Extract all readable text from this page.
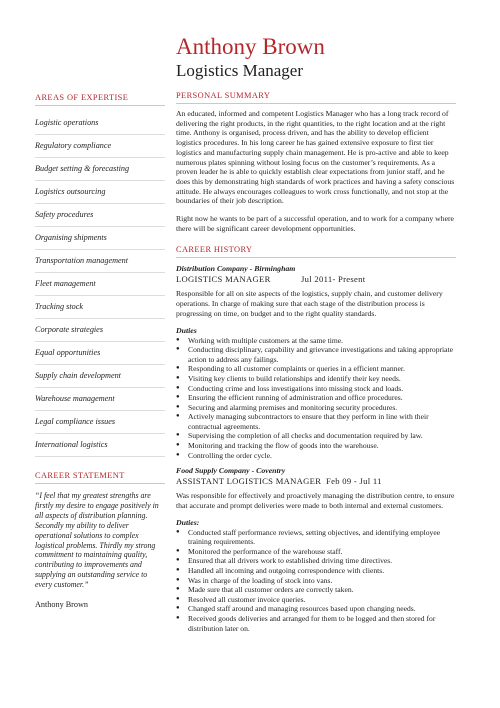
Anthony Brown
Logistics Manager
AREAS OF EXPERTISE
Logistic operations
Regulatory compliance
Budget setting & forecasting
Logistics outsourcing
Safety procedures
Organising shipments
Transportation management
Fleet management
Tracking stock
Corporate strategies
Equal opportunities
Supply chain development
Warehouse management
Legal compliance issues
International logistics
CAREER STATEMENT
“I feel that my greatest strengths are firstly my desire to engage positively in all aspects of distribution planning. Secondly my ability to deliver operational solutions to complex logistical problems. Thirdly my strong commitment to maintaining quality, contributing to improvements and supplying an outstanding service to every customer.”
Anthony Brown
PERSONAL SUMMARY
An educated, informed and competent Logistics Manager who has a long track record of delivering the right products, in the right quantities, to the right location and at the right time. Anthony is organised, process driven, and has the ability to develop efficient logistics procedures. In his long career he has gained extensive exposure to first tier logistics and manufacturing supply chain management. He is pro-active and able to keep numerous plates spinning without losing focus on the customer’s requirements. As a proven leader he is able to quickly establish clear expectations from junior staff, and he does this by demonstrating high standards of work practices and having a safety conscious attitude. He always encourages colleagues to work cross functionally, and not stop at the boundaries of their job description.
Right now he wants to be part of a successful operation, and to work for a company where there will be significant career development opportunities.
CAREER HISTORY
Distribution Company - Birmingham
LOGISTICS MANAGER	Jul 2011- Present
Responsible for all on site aspects of the logistics, supply chain, and customer delivery operations. In charge of making sure that each stage of the distribution process is progressing on time, on budget and to the right quality standards.
Duties
● Working with multiple customers at the same time.
● Conducting disciplinary, capability and grievance investigations and taking appropriate action to address any failings.
● Responding to all customer complaints or queries in a efficient manner.
● Visiting key clients to build relationships and identify their key needs.
● Conducting crime and loss investigations into missing stock and loads.
● Ensuring the efficient running of administration and office procedures.
● Securing and alarming premises and monitoring security procedures.
● Actively managing subcontractors to ensure that they perform in line with their contractual agreements.
● Supervising the completion of all checks and documentation required by law.
● Monitoring and tracking the flow of goods into the warehouse.
● Controlling the order cycle.
Food Supply Company - Coventry
ASSISTANT LOGISTICS MANAGER Feb 09 - Jul 11
Was responsible for effectively and proactively managing the distribution centre, to ensure that accurate and prompt deliveries were made to both internal and external customers.
Duties:
● Conducted staff performance reviews, setting objectives, and identifying employee training requirements.
● Monitored the performance of the warehouse staff.
● Ensured that all drivers work to established driving time directives.
● Handled all incoming and outgoing correspondence with clients.
● Was in charge of the loading of stock into vans.
● Made sure that all customer orders are correctly taken.
● Resolved all customer invoice queries.
● Changed staff around and managing resources based upon changing needs.
● Received goods deliveries and arranged for them to be logged and then stored for distribution later on.
